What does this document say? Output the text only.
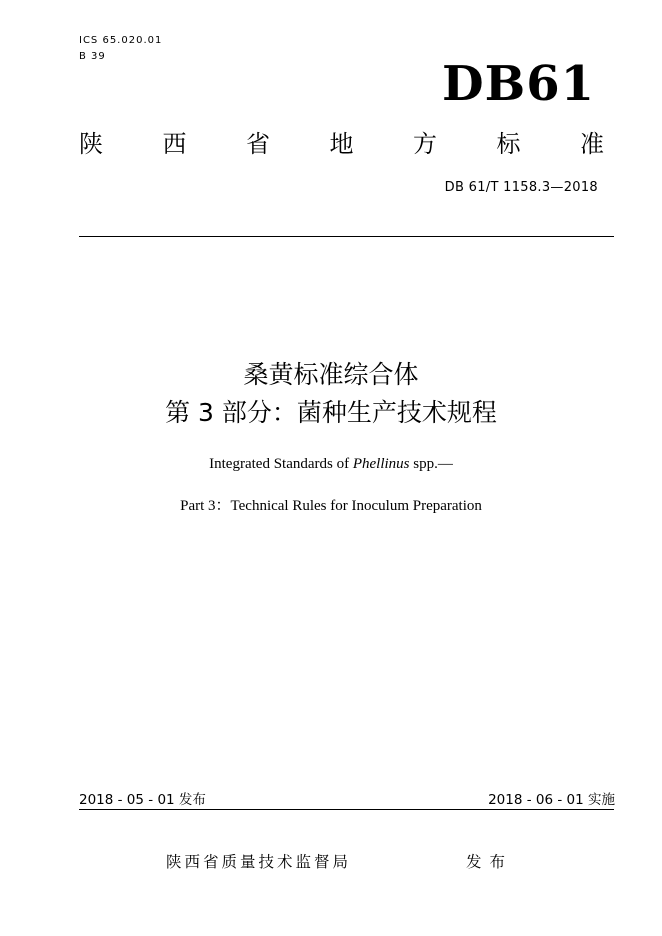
ICS 65.020.01
B 39	DB61
陕 西 省 地 方 标 准
DB 61/T 1158.3—2018
桑黄标准综合体
第 3 部分：菌种生产技术规程
Integrated Standards of Phellinus spp.—
Part 3：Technical Rules for Inoculum Preparation
2018 - 05 - 01 发布	2018 - 06 - 01 实施
陕西省质量技术监督局	发布
